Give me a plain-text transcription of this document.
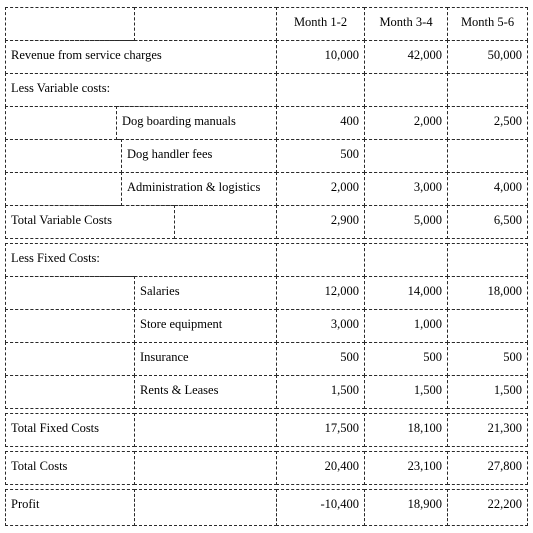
Month 1-2	Month 3-4	Month 5-6
Revenue from service charges	10,000	42,000	50,000
Less Variable costs:
Dog boarding manuals	400	2,000	2,500
Dog handler fees	500
Administration & logistics	2,000	3,000	4,000
Total Variable Costs	2,900	5,000	6,500
Less Fixed Costs:
Salaries	12,000	14,000	18,000
Store equipment	3,000	1,000
Insurance	500	500	500
Rents & Leases	1,500	1,500	1,500
Total Fixed Costs	17,500	18,100	21,300
Total Costs	20,400	23,100	27,800
Profit	-10,400	18,900	22,200
